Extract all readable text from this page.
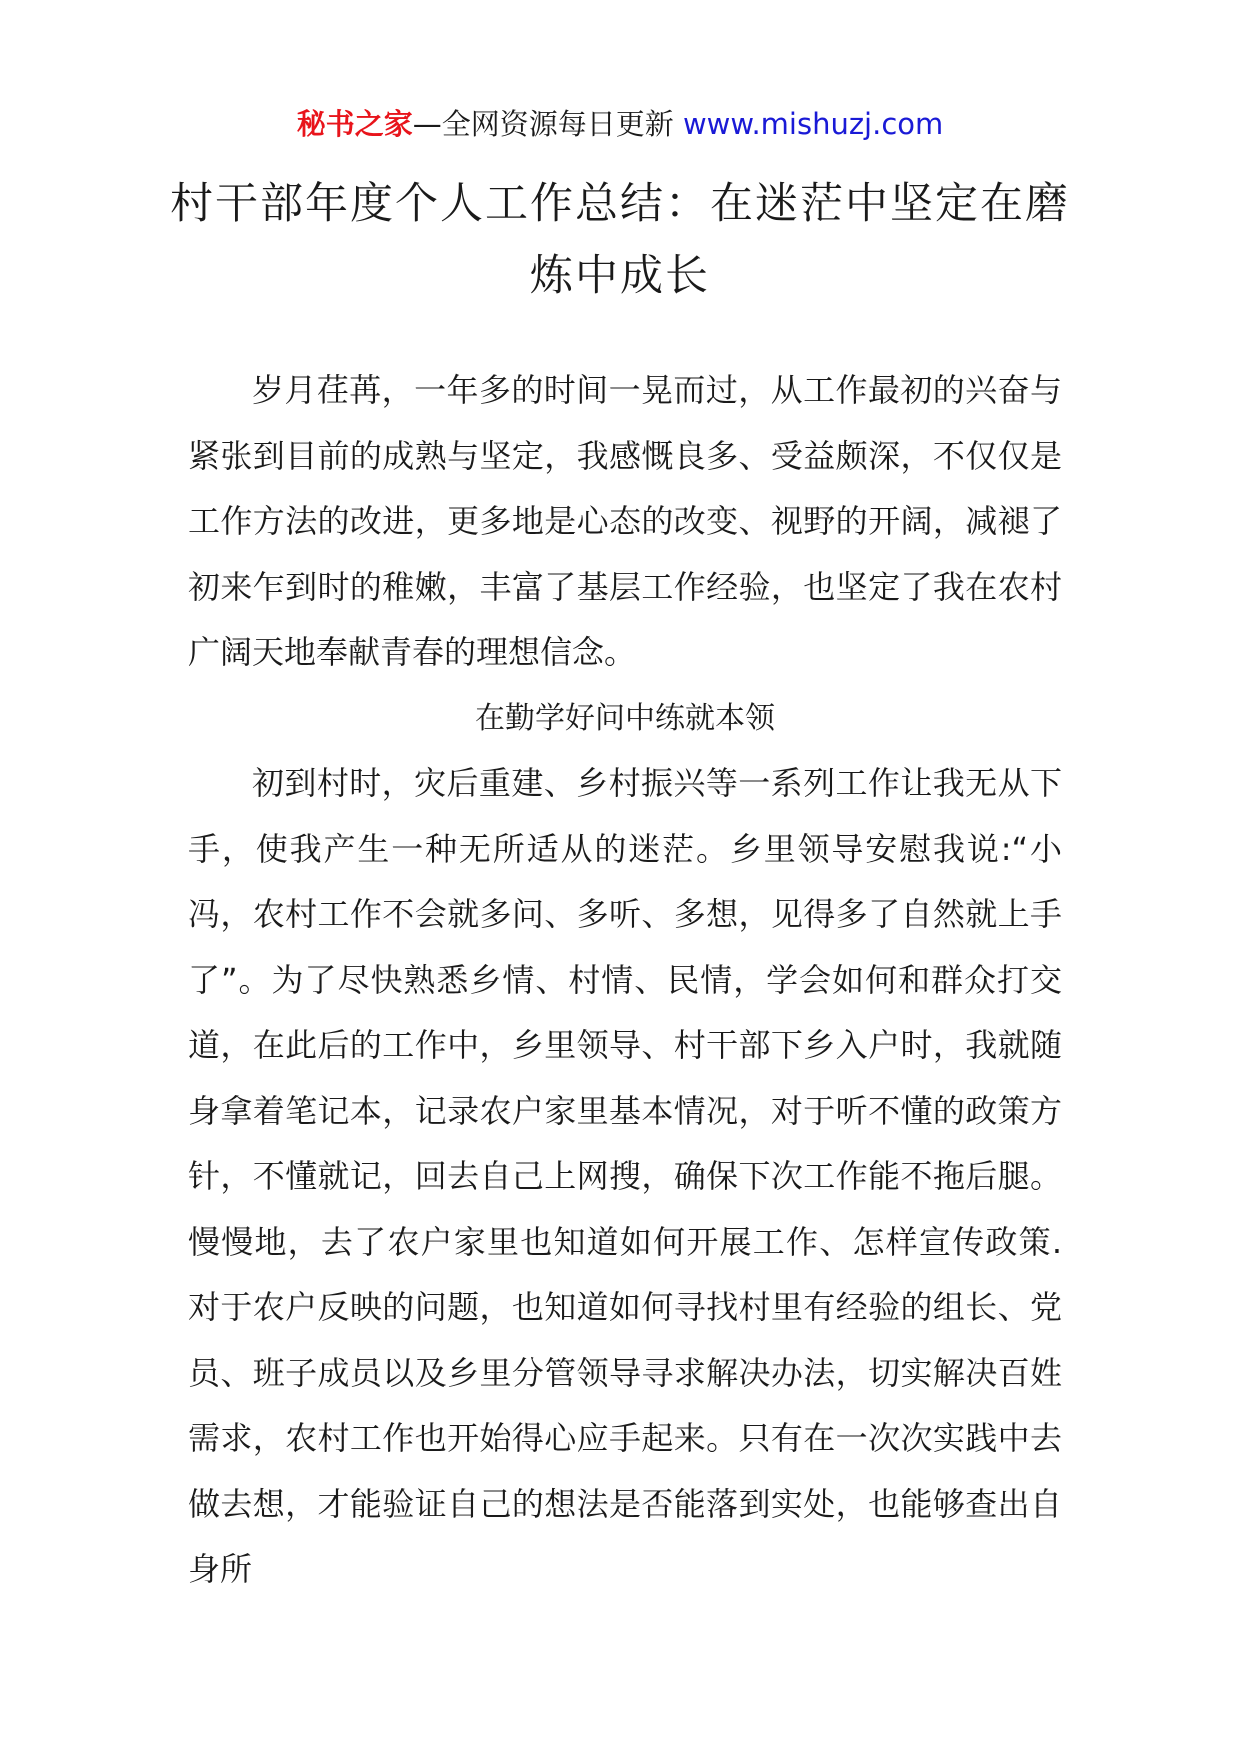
秘书之家—全网资源每日更新 www.mishuzj.com
村干部年度个人工作总结：在迷茫中坚定在磨炼中成长

岁月荏苒，一年多的时间一晃而过，从工作最初的兴奋与紧张到目前的成熟与坚定，我感慨良多、受益颇深，不仅仅是工作方法的改进，更多地是心态的改变、视野的开阔，减褪了初来乍到时的稚嫩，丰富了基层工作经验，也坚定了我在农村广阔天地奉献青春的理想信念。

在勤学好问中练就本领

初到村时，灾后重建、乡村振兴等一系列工作让我无从下手，使我产生一种无所适从的迷茫。乡里领导安慰我说:“小冯，农村工作不会就多问、多听、多想，见得多了自然就上手了”。为了尽快熟悉乡情、村情、民情，学会如何和群众打交道，在此后的工作中，乡里领导、村干部下乡入户时，我就随身拿着笔记本，记录农户家里基本情况，对于听不懂的政策方针，不懂就记，回去自己上网搜，确保下次工作能不拖后腿。慢慢地，去了农户家里也知道如何开展工作、怎样宣传政策.对于农户反映的问题，也知道如何寻找村里有经验的组长、党员、班子成员以及乡里分管领导寻求解决办法，切实解决百姓需求，农村工作也开始得心应手起来。只有在一次次实践中去做去想，才能验证自己的想法是否能落到实处，也能够查出自身所
